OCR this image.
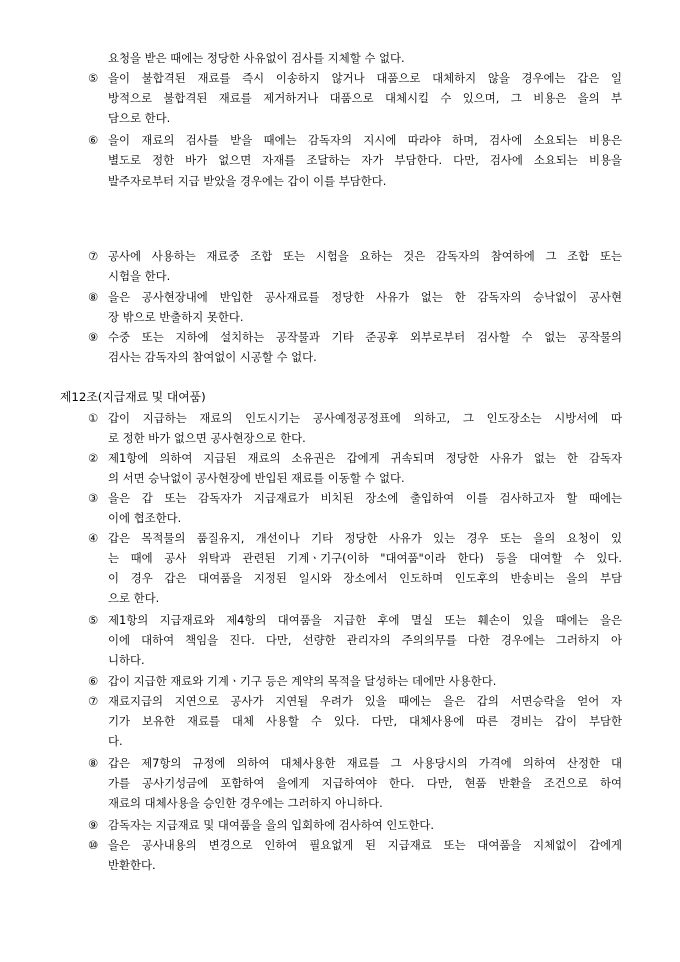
요청을 받은 때에는 정당한 사유없이 검사를 지체할 수 없다.
⑤ 을이 불합격된 재료를 즉시 이송하지 않거나 대품으로 대체하지 않을 경우에는 갑은 일
방적으로 불합격된 재료를 제거하거나 대품으로 대체시킬 수 있으며, 그 비용은 을의 부
담으로 한다.
⑥ 을이 재료의 검사를 받을 때에는 감독자의 지시에 따라야 하며, 검사에 소요되는 비용은
별도로 정한 바가 없으면 자재를 조달하는 자가 부담한다. 다만, 검사에 소요되는 비용을
발주자로부터 지급 받았을 경우에는 갑이 이를 부담한다.
⑦ 공사에 사용하는 재료중 조합 또는 시험을 요하는 것은 감독자의 참여하에 그 조합 또는
시험을 한다.
⑧ 을은 공사현장내에 반입한 공사재료를 정당한 사유가 없는 한 감독자의 승낙없이 공사현
장 밖으로 반출하지 못한다.
⑨ 수중 또는 지하에 설치하는 공작물과 기타 준공후 외부로부터 검사할 수 없는 공작물의
검사는 감독자의 참여없이 시공할 수 없다.
제12조(지급재료 및 대여품)
① 갑이 지급하는 재료의 인도시기는 공사예정공정표에 의하고, 그 인도장소는 시방서에 따
로 정한 바가 없으면 공사현장으로 한다.
② 제1항에 의하여 지급된 재료의 소유권은 갑에게 귀속되며 정당한 사유가 없는 한 감독자
의 서면 승낙없이 공사현장에 반입된 재료를 이동할 수 없다.
③ 을은 갑 또는 감독자가 지급재료가 비치된 장소에 출입하여 이를 검사하고자 할 때에는
이에 협조한다.
④ 갑은 목적물의 품질유지, 개선이나 기타 정당한 사유가 있는 경우 또는 을의 요청이 있
는 때에 공사 위탁과 관련된 기계ㆍ기구(이하 "대여품"이라 한다) 등을 대여할 수 있다.
이 경우 갑은 대여품을 지정된 일시와 장소에서 인도하며 인도후의 반송비는 을의 부담
으로 한다.
⑤ 제1항의 지급재료와 제4항의 대여품을 지급한 후에 멸실 또는 훼손이 있을 때에는 을은
이에 대하여 책임을 진다. 다만, 선량한 관리자의 주의의무를 다한 경우에는 그러하지 아
니하다.
⑥ 갑이 지급한 재료와 기계ㆍ기구 등은 계약의 목적을 달성하는 데에만 사용한다.
⑦ 재료지급의 지연으로 공사가 지연될 우려가 있을 때에는 을은 갑의 서면승락을 얻어 자
기가 보유한 재료를 대체 사용할 수 있다. 다만, 대체사용에 따른 경비는 갑이 부담한
다.
⑧ 갑은 제7항의 규정에 의하여 대체사용한 재료를 그 사용당시의 가격에 의하여 산정한 대
가를 공사기성금에 포함하여 을에게 지급하여야 한다. 다만, 현품 반환을 조건으로 하여
재료의 대체사용을 승인한 경우에는 그러하지 아니하다.
⑨ 감독자는 지급재료 및 대여품을 을의 입회하에 검사하여 인도한다.
⑩ 을은 공사내용의 변경으로 인하여 필요없게 된 지급재료 또는 대여품을 지체없이 갑에게
반환한다.
